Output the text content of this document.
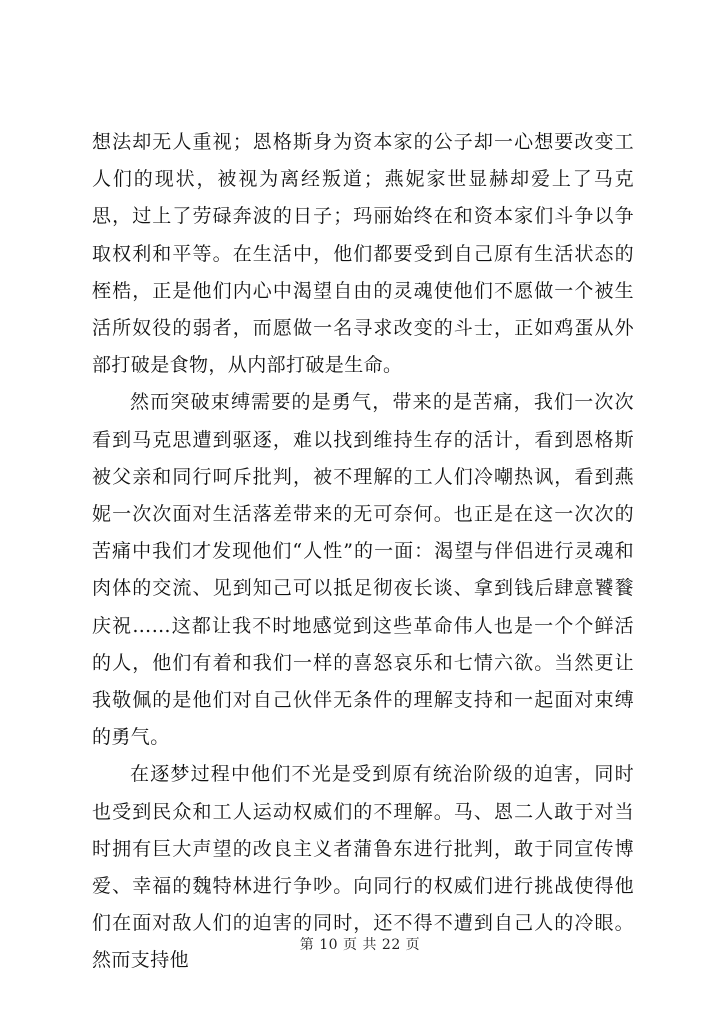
想法却无人重视；恩格斯身为资本家的公子却一心想要改变工人们的现状，被视为离经叛道；燕妮家世显赫却爱上了马克思，过上了劳碌奔波的日子；玛丽始终在和资本家们斗争以争取权利和平等。在生活中，他们都要受到自己原有生活状态的桎梏，正是他们内心中渴望自由的灵魂使他们不愿做一个被生活所奴役的弱者，而愿做一名寻求改变的斗士，正如鸡蛋从外部打破是食物，从内部打破是生命。

然而突破束缚需要的是勇气，带来的是苦痛，我们一次次看到马克思遭到驱逐，难以找到维持生存的活计，看到恩格斯被父亲和同行呵斥批判，被不理解的工人们冷嘲热讽，看到燕妮一次次面对生活落差带来的无可奈何。也正是在这一次次的苦痛中我们才发现他们“人性”的一面：渴望与伴侣进行灵魂和肉体的交流、见到知己可以抵足彻夜长谈、拿到钱后肆意饕餮庆祝……这都让我不时地感觉到这些革命伟人也是一个个鲜活的人，他们有着和我们一样的喜怒哀乐和七情六欲。当然更让我敬佩的是他们对自己伙伴无条件的理解支持和一起面对束缚的勇气。

在逐梦过程中他们不光是受到原有统治阶级的迫害，同时也受到民众和工人运动权威们的不理解。马、恩二人敢于对当时拥有巨大声望的改良主义者蒲鲁东进行批判，敢于同宣传博爱、幸福的魏特林进行争吵。向同行的权威们进行挑战使得他们在面对敌人们的迫害的同时，还不得不遭到自己人的冷眼。然而支持他

第 10 页 共 22 页
